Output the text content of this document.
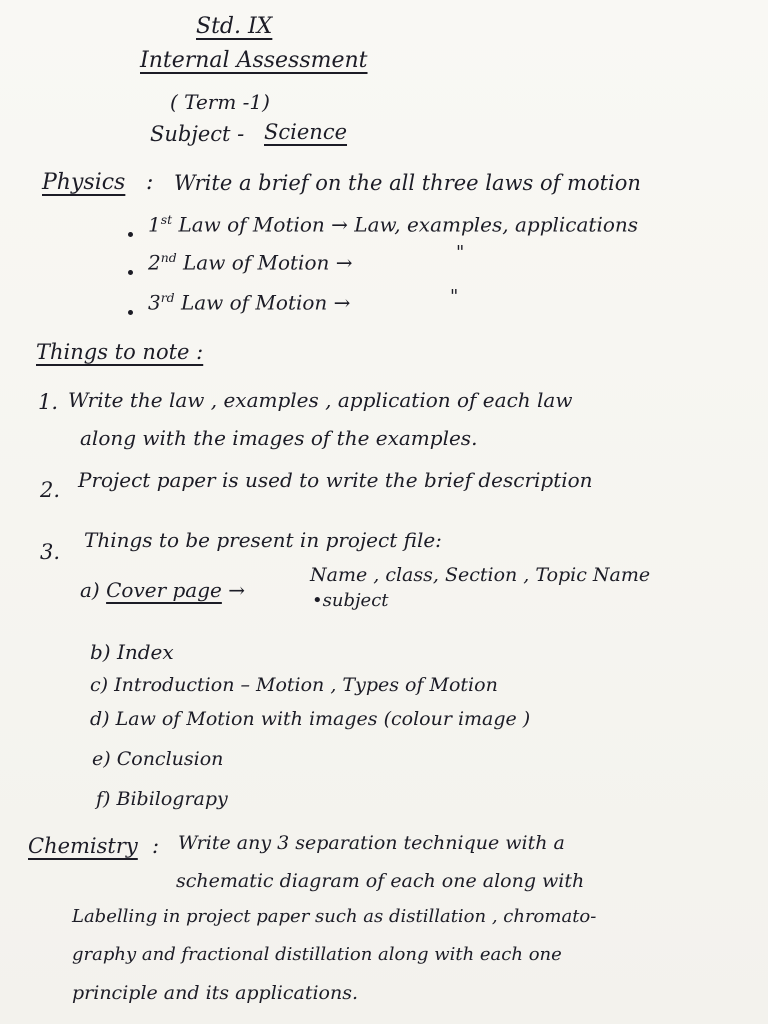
Std. IX
Internal Assessment
( Term -1)
Subject - Science
Physics : Write a brief on the all three laws of motion
1st Law of Motion → Law, examples, applications
2nd Law of Motion →	"
3rd Law of Motion →	"
Things to note :
1. Write the law , examples , application of each law
along with the images of the examples.
2. Project paper is used to write the brief description
3. Things to be present in project file:
a) Cover page →
Name , class, Section , Topic Name
•subject
b) Index
c) Introduction – Motion , Types of Motion
d) Law of Motion with images (colour image )
e) Conclusion
f) Bibilograpy
Chemistry : Write any 3 separation technique with a
schematic diagram of each one along with
Labelling in project paper such as distillation , chromato-
graphy and fractional distillation along with each one
principle and its applications.
